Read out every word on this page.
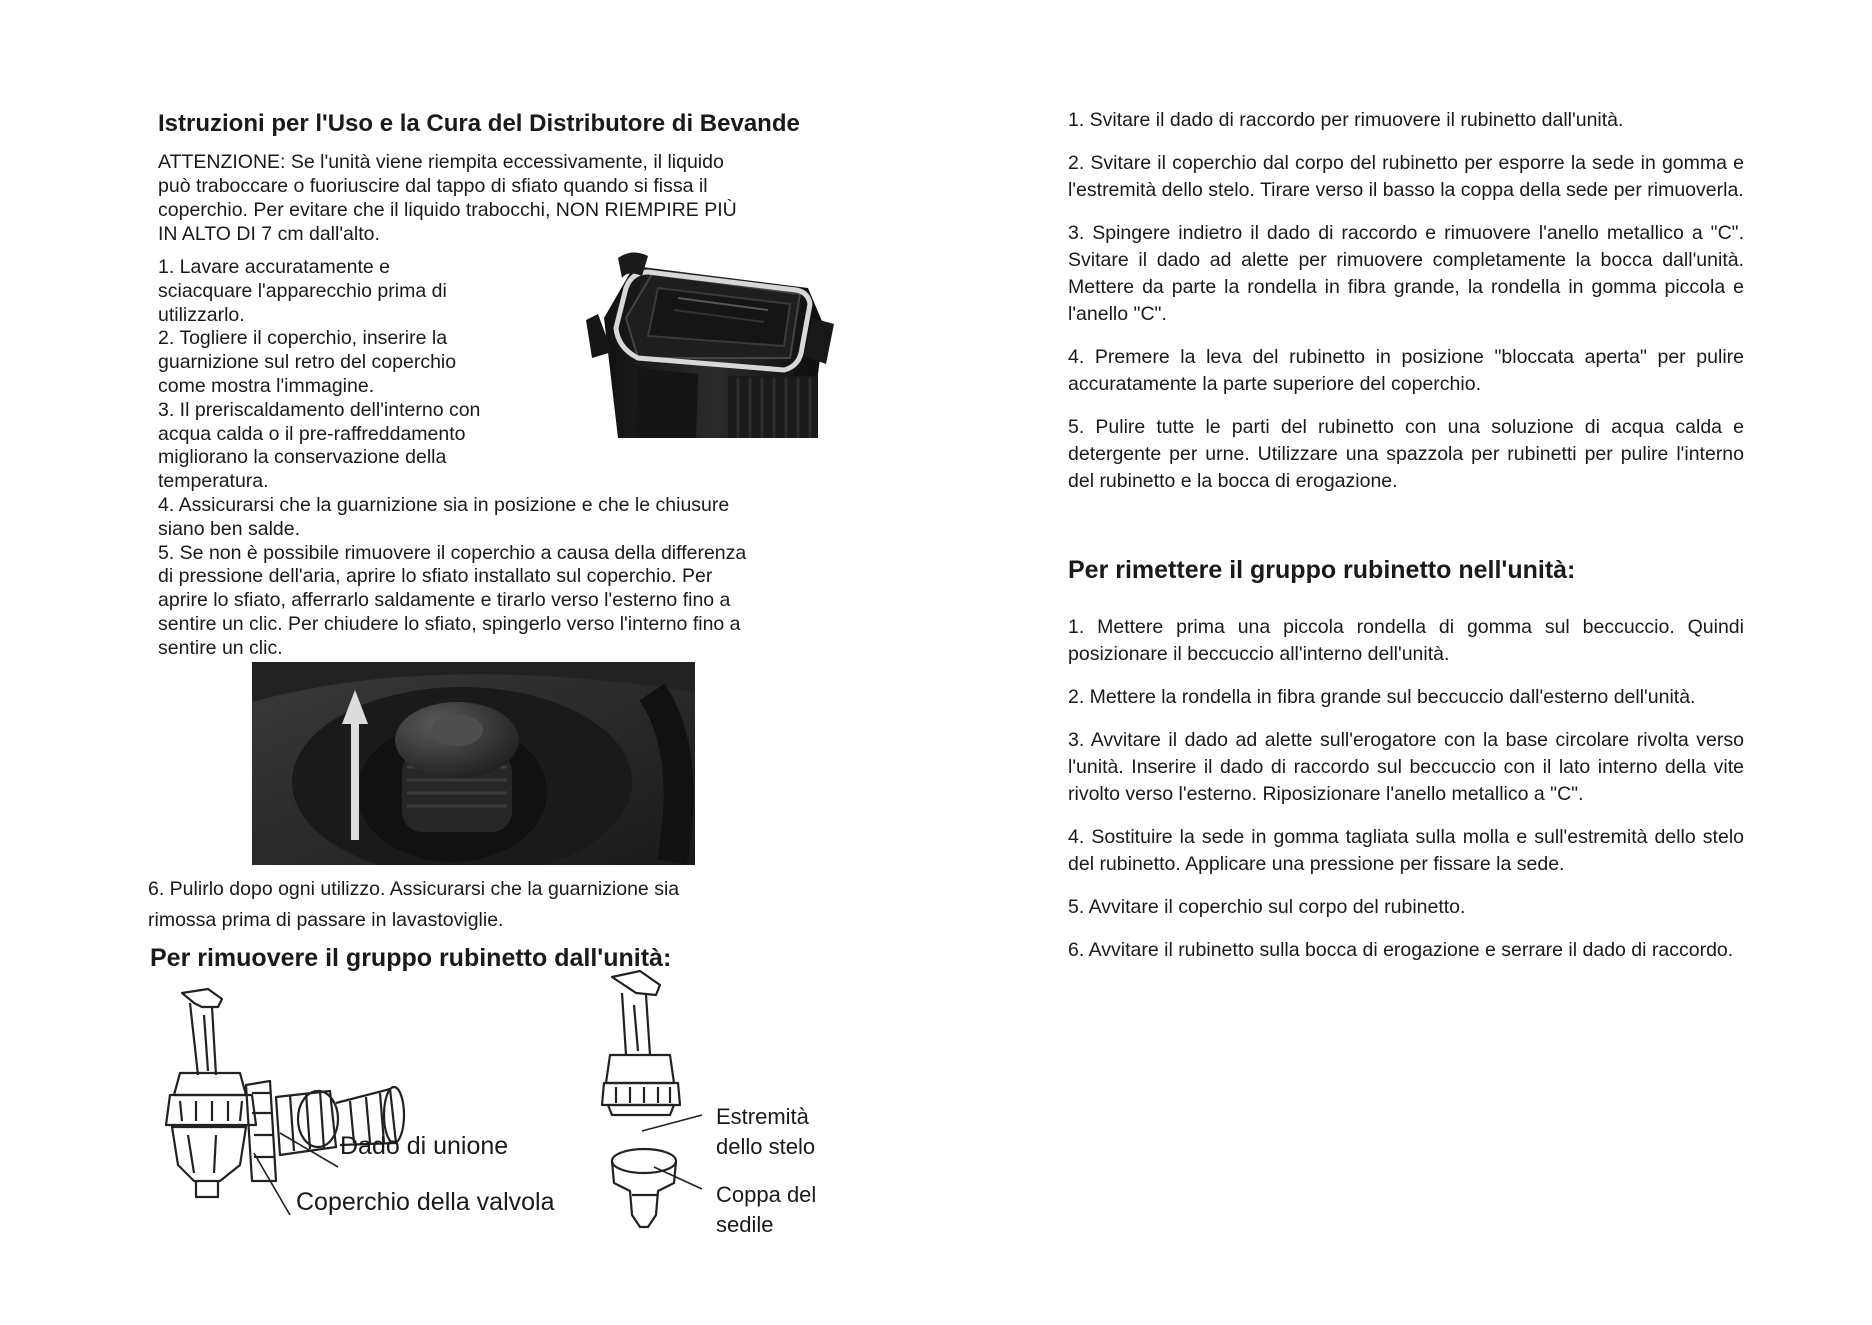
Istruzioni per l'Uso e la Cura del Distributore di Bevande
ATTENZIONE: Se l'unità viene riempita eccessivamente, il liquido
può traboccare o fuoriuscire dal tappo di sfiato quando si fissa il
coperchio. Per evitare che il liquido trabocchi, NON RIEMPIRE PIÙ
IN ALTO DI 7 cm dall'alto.
1. Lavare accuratamente e
sciacquare l'apparecchio prima di
utilizzarlo.
2. Togliere il coperchio, inserire la
guarnizione sul retro del coperchio
come mostra l'immagine.
3. Il preriscaldamento dell'interno con
acqua calda o il pre-raffreddamento
migliorano la conservazione della
temperatura.
4. Assicurarsi che la guarnizione sia in posizione e che le chiusure
siano ben salde.
5. Se non è possibile rimuovere il coperchio a causa della differenza
di pressione dell'aria, aprire lo sfiato installato sul coperchio. Per
aprire lo sfiato, afferrarlo saldamente e tirarlo verso l'esterno fino a
sentire un clic. Per chiudere lo sfiato, spingerlo verso l'interno fino a
sentire un clic.
6. Pulirlo dopo ogni utilizzo. Assicurarsi che la guarnizione sia
rimossa prima di passare in lavastoviglie.
Per rimuovere il gruppo rubinetto dall'unità:
Dado di unione
Coperchio della valvola
Estremità
dello stelo
Coppa del
sedile
1. Svitare il dado di raccordo per rimuovere il rubinetto dall'unità.
2. Svitare il coperchio dal corpo del rubinetto per esporre la sede in gomma e l'estremità dello stelo. Tirare verso il basso la coppa della sede per rimuoverla.
3. Spingere indietro il dado di raccordo e rimuovere l'anello metallico a "C". Svitare il dado ad alette per rimuovere completamente la bocca dall'unità. Mettere da parte la rondella in fibra grande, la rondella in gomma piccola e l'anello "C".
4. Premere la leva del rubinetto in posizione "bloccata aperta" per pulire accuratamente la parte superiore del coperchio.
5. Pulire tutte le parti del rubinetto con una soluzione di acqua calda e detergente per urne. Utilizzare una spazzola per rubinetti per pulire l'interno del rubinetto e la bocca di erogazione.
Per rimettere il gruppo rubinetto nell'unità:
1. Mettere prima una piccola rondella di gomma sul beccuccio. Quindi posizionare il beccuccio all'interno dell'unità.
2. Mettere la rondella in fibra grande sul beccuccio dall'esterno dell'unità.
3. Avvitare il dado ad alette sull'erogatore con la base circolare rivolta verso l'unità. Inserire il dado di raccordo sul beccuccio con il lato interno della vite rivolto verso l'esterno. Riposizionare l'anello metallico a "C".
4. Sostituire la sede in gomma tagliata sulla molla e sull'estremità dello stelo del rubinetto. Applicare una pressione per fissare la sede.
5. Avvitare il coperchio sul corpo del rubinetto.
6. Avvitare il rubinetto sulla bocca di erogazione e serrare il dado di raccordo.
